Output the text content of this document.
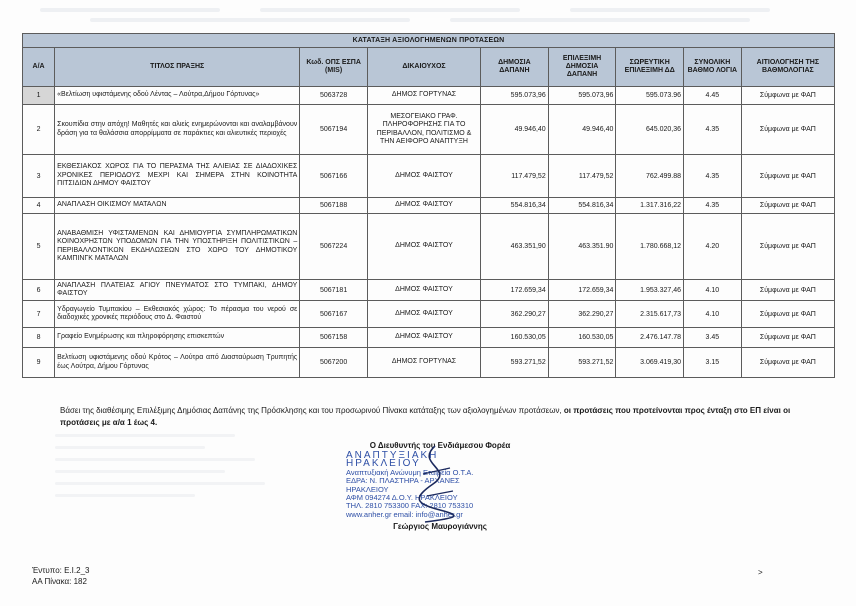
ΚΑΤΑΤΑΞΗ ΑΞΙΟΛΟΓΗΜΕΝΩΝ ΠΡΟΤΑΣΕΩΝ								
Α/Α	ΤΙΤΛΟΣ ΠΡΑΞΗΣ	Κωδ. ΟΠΣ ΕΣΠΑ (MIS)	ΔΙΚΑΙΟΥΧΟΣ	ΔΗΜΟΣΙΑ ΔΑΠΑΝΗ	ΕΠΙΛΕΞΙΜΗ ΔΗΜΟΣΙΑ ΔΑΠΑΝΗ	ΣΩΡΕΥΤΙΚΗ ΕΠΙΛΕΞΙΜΗ ΔΔ	ΣΥΝΟΛΙΚΗ ΒΑΘΜΟ ΛΟΓΙΑ	ΑΙΤΙΟΛΟΓΗΣΗ ΤΗΣ ΒΑΘΜΟΛΟΓΙΑΣ
1	«Βελτίωση υφιστάμενης οδού Λέντας – Λούτρα,Δήμου Γόρτυνας»	5063728	ΔΗΜΟΣ ΓΟΡΤΥΝΑΣ	595.073,96	595.073,96	595.073.96	4.45	Σύμφωνα με ΦΑΠ
2	Σκουπίδια στην απόχη! Μαθητές και αλιείς ενημερώνονται και αναλαμβάνουν δράση για τα θαλάσσια απορρίμματα σε παράκτιες και αλιευτικές περιοχές	5067194	ΜΕΣΟΓΕΙΑΚΟ ΓΡΑΦ. ΠΛΗΡΟΦΟΡΗΣΗΣ ΓΙΑ ΤΟ ΠΕΡΙΒΑΛΛΟΝ, ΠΟΛΙΤΙΣΜΟ & ΤΗΝ ΑΕΙΦΟΡΟ ΑΝΑΠΤΥΞΗ	49.946,40	49.946,40	645.020,36	4.35	Σύμφωνα με ΦΑΠ
3	ΕΚΘΕΣΙΑΚΟΣ ΧΩΡΟΣ ΓΙΑ ΤΟ ΠΕΡΑΣΜΑ ΤΗΣ ΑΛΙΕΙΑΣ ΣΕ ΔΙΑΔΟΧΙΚΕΣ ΧΡΟΝΙΚΕΣ ΠΕΡΙΟΔΟΥΣ ΜΕΧΡΙ ΚΑΙ ΣΗΜΕΡΑ ΣΤΗΝ ΚΟΙΝΟΤΗΤΑ ΠΙΤΣΙΔΙΩΝ ΔΗΜΟΥ ΦΑΙΣΤΟΥ	5067166	ΔΗΜΟΣ ΦΑΙΣΤΟΥ	117.479,52	117.479,52	762.499.88	4.35	Σύμφωνα με ΦΑΠ
4	ΑΝΑΠΛΑΣΗ ΟΙΚΙΣΜΟΥ ΜΑΤΑΛΩΝ	5067188	ΔΗΜΟΣ ΦΑΙΣΤΟΥ	554.816,34	554.816,34	1.317.316,22	4.35	Σύμφωνα με ΦΑΠ
5	ΑΝΑΒΑΘΜΙΣΗ ΥΦΙΣΤΑΜΕΝΩΝ ΚΑΙ ΔΗΜΙΟΥΡΓΙΑ ΣΥΜΠΛΗΡΩΜΑΤΙΚΩΝ ΚΟΙΝΟΧΡΗΣΤΩΝ ΥΠΟΔΟΜΩΝ ΓΙΑ ΤΗΝ ΥΠΟΣΤΗΡΙΞΗ ΠΟΛΙΤΙΣΤΙΚΩΝ – ΠΕΡΙΒΑΛΛΟΝΤΙΚΩΝ ΕΚΔΗΛΩΣΕΩΝ ΣΤΟ ΧΩΡΟ ΤΟΥ ΔΗΜΟΤΙΚΟΥ ΚΑΜΠΙΝΓΚ ΜΑΤΑΛΩΝ	5067224	ΔΗΜΟΣ ΦΑΙΣΤΟΥ	463.351,90	463.351.90	1.780.668,12	4.20	Σύμφωνα με ΦΑΠ
6	ΑΝΑΠΛΑΣΗ ΠΛΑΤΕΙΑΣ ΑΓΙΟΥ ΠΝΕΥΜΑΤΟΣ ΣΤΟ ΤΥΜΠΑΚΙ, ΔΗΜΟΥ ΦΑΙΣΤΟΥ	5067181	ΔΗΜΟΣ ΦΑΙΣΤΟΥ	172.659,34	172.659,34	1.953.327,46	4.10	Σύμφωνα με ΦΑΠ
7	Υδραγωγείο Τυμπακίου – Εκθεσιακός χώρος: Το πέρασμα του νερού σε διαδοχικές χρονικές περιόδους στο Δ. Φαιστού	5067167	ΔΗΜΟΣ ΦΑΙΣΤΟΥ	362.290,27	362.290,27	2.315.617,73	4.10	Σύμφωνα με ΦΑΠ
8	Γραφείο Ενημέρωσης και πληροφόρησης επισκεπτών	5067158	ΔΗΜΟΣ ΦΑΙΣΤΟΥ	160.530,05	160.530,05	2.476.147.78	3.45	Σύμφωνα με ΦΑΠ
9	Βελτίωση υφιστάμενης οδού Κρότος – Λούτρα από Διασταύρωση Τρυπητής έως Λούτρα, Δήμου Γόρτυνας	5067200	ΔΗΜΟΣ ΓΟΡΤΥΝΑΣ	593.271,52	593.271,52	3.069.419,30	3.15	Σύμφωνα με ΦΑΠ
Βάσει της διαθέσιμης Επιλέξιμης Δημόσιας Δαπάνης της Πρόσκλησης και του προσωρινού Πίνακα κατάταξης των αξιολογημένων προτάσεων, οι προτάσεις που προτείνονται προς ένταξη στο ΕΠ είναι οι προτάσεις με α/α 1 έως 4.
Ο Διευθυντής του Ενδιάμεσου Φορέα
ΑΝΑΠΤΥΞΙΑΚΗ ΗΡΑΚΛΕΙΟΥ
Αναπτυξιακή Ανώνυμη Εταιρεία Ο.Τ.Α.
ΕΔΡΑ: Ν. ΠΛΑΣΤΗΡΑ - ΑΡΧΑΝΕΣ ΗΡΑΚΛΕΙΟΥ
ΑΦΜ 094274 Δ.Ο.Υ. ΗΡΑΚΛΕΙΟΥ
ΤΗΛ. 2810 753300 FAX: 2810 753310
www.anher.gr email: info@anher.gr
Γεώργιος Μαυρογιάννης
Έντυπο: Ε.Ι.2_3
ΑΑ Πίνακα: 182
>
